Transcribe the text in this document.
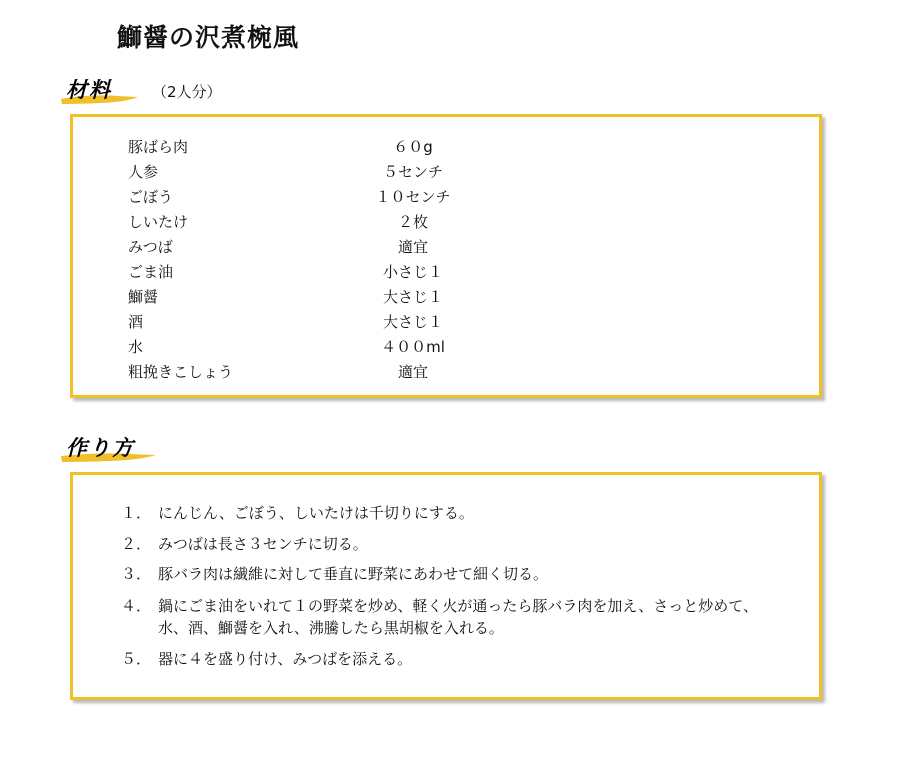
鰤醤の沢煮椀風
材料	（2人分）
豚ばら肉	６０g
人参	５センチ
ごぼう	１０センチ
しいたけ	２枚
みつば	適宜
ごま油	小さじ１
鰤醤	大さじ１
酒	大さじ１
水	４００ml
粗挽きこしょう	適宜
作り方
１． にんじん、ごぼう、しいたけは千切りにする。
２． みつばは長さ３センチに切る。
３． 豚バラ肉は繊維に対して垂直に野菜にあわせて細く切る。
４． 鍋にごま油をいれて１の野菜を炒め、軽く火が通ったら豚バラ肉を加え、さっと炒めて、
水、酒、鰤醤を入れ、沸騰したら黒胡椒を入れる。
５． 器に４を盛り付け、みつばを添える。
